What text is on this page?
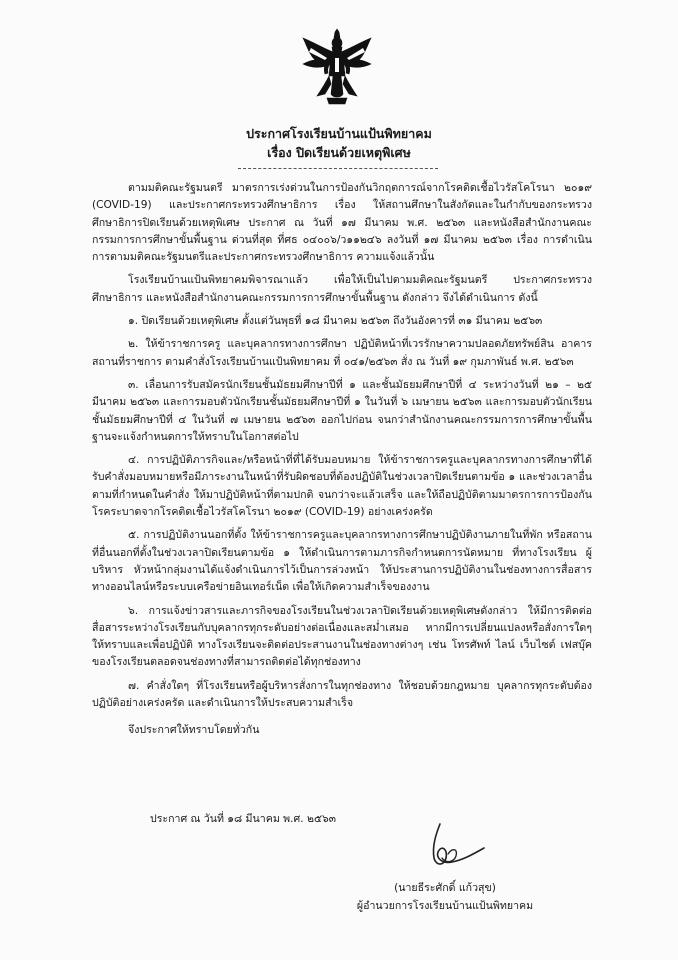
ประกาศโรงเรียนบ้านแป้นพิทยาคม
เรื่อง ปิดเรียนด้วยเหตุพิเศษ

ตามมติคณะรัฐมนตรี มาตรการเร่งด่วนในการป้องกันวิกฤตการณ์จากโรคติดเชื้อไวรัสโคโรนา ๒๐๑๙ (COVID-19) และประกาศกระทรวงศึกษาธิการ เรื่อง ให้สถานศึกษาในสังกัดและในกำกับของกระทรวงศึกษาธิการปิดเรียนด้วยเหตุพิเศษ ประกาศ ณ วันที่ ๑๗ มีนาคม พ.ศ. ๒๕๖๓ และหนังสือสำนักงานคณะกรรมการการศึกษาขั้นพื้นฐาน ด่วนที่สุด ที่ศธ ๐๔๐๐๖/ว๑๑๒๔๖ ลงวันที่ ๑๗ มีนาคม ๒๕๖๓ เรื่อง การดำเนินการตามมติคณะรัฐมนตรีและประกาศกระทรวงศึกษาธิการ ความแจ้งแล้วนั้น

โรงเรียนบ้านแป้นพิทยาคมพิจารณาแล้ว เพื่อให้เป็นไปตามมติคณะรัฐมนตรี ประกาศกระทรวงศึกษาธิการ และหนังสือสำนักงานคณะกรรมการการศึกษาขั้นพื้นฐาน ดังกล่าว จึงได้ดำเนินการ ดังนี้

๑. ปิดเรียนด้วยเหตุพิเศษ ตั้งแต่วันพุธที่ ๑๘ มีนาคม ๒๕๖๓ ถึงวันอังคารที่ ๓๑ มีนาคม ๒๕๖๓

๒. ให้ข้าราชการครู และบุคลากรทางการศึกษา ปฏิบัติหน้าที่เวรรักษาความปลอดภัยทรัพย์สิน อาคารสถานที่ราชการ ตามคำสั่งโรงเรียนบ้านแป้นพิทยาคม ที่ ๐๔๑/๒๕๖๓ สั่ง ณ วันที่ ๑๙ กุมภาพันธ์ พ.ศ. ๒๕๖๓

๓. เลื่อนการรับสมัครนักเรียนชั้นมัธยมศึกษาปีที่ ๑ และชั้นมัธยมศึกษาปีที่ ๔ ระหว่างวันที่ ๒๑ – ๒๕ มีนาคม ๒๕๖๓ และการมอบตัวนักเรียนชั้นมัธยมศึกษาปีที่ ๑ ในวันที่ ๖ เมษายน ๒๕๖๓ และการมอบตัวนักเรียนชั้นมัธยมศึกษาปีที่ ๔ ในวันที่ ๗ เมษายน ๒๕๖๓ ออกไปก่อน จนกว่าสำนักงานคณะกรรมการการศึกษาขั้นพื้นฐานจะแจ้งกำหนดการให้ทราบในโอกาสต่อไป

๔. การปฏิบัติภารกิจและ/หรือหน้าที่ที่ได้รับมอบหมาย ให้ข้าราชการครูและบุคลากรทางการศึกษาที่ได้รับคำสั่งมอบหมายหรือมีภาระงานในหน้าที่รับผิดชอบที่ต้องปฏิบัติในช่วงเวลาปิดเรียนตามข้อ ๑ และช่วงเวลาอื่นตามที่กำหนดในคำสั่ง ให้มาปฏิบัติหน้าที่ตามปกติ จนกว่าจะแล้วเสร็จ และให้ถือปฏิบัติตามมาตรการการป้องกันโรคระบาดจากโรคติดเชื้อไวรัสโคโรนา ๒๐๑๙ (COVID-19) อย่างเคร่งครัด

๕. การปฏิบัติงานนอกที่ตั้ง ให้ข้าราชการครูและบุคลากรทางการศึกษาปฏิบัติงานภายในที่พัก หรือสถานที่อื่นนอกที่ตั้งในช่วงเวลาปิดเรียนตามข้อ ๑ ให้ดำเนินการตามภารกิจกำหนดการนัดหมาย ที่ทางโรงเรียน ผู้บริหาร หัวหน้ากลุ่มงานได้แจ้งดำเนินการไว้เป็นการล่วงหน้า ให้ประสานการปฏิบัติงานในช่องทางการสื่อสารทางออนไลน์หรือระบบเครือข่ายอินเทอร์เน็ต เพื่อให้เกิดความสำเร็จของงาน

๖. การแจ้งข่าวสารและภารกิจของโรงเรียนในช่วงเวลาปิดเรียนด้วยเหตุพิเศษดังกล่าว ให้มีการติดต่อสื่อสารระหว่างโรงเรียนกับบุคลากรทุกระดับอย่างต่อเนื่องและสม่ำเสมอ หากมีการเปลี่ยนแปลงหรือสั่งการใดๆ ให้ทราบและเพื่อปฏิบัติ ทางโรงเรียนจะติดต่อประสานงานในช่องทางต่างๆ เช่น โทรศัพท์ ไลน์ เว็บไซต์ เฟสบุ๊ค ของโรงเรียนตลอดจนช่องทางที่สามารถติดต่อได้ทุกช่องทาง

๗. คำสั่งใดๆ ที่โรงเรียนหรือผู้บริหารสั่งการในทุกช่องทาง ให้ชอบด้วยกฎหมาย บุคลากรทุกระดับต้องปฏิบัติอย่างเคร่งครัด และดำเนินการให้ประสบความสำเร็จ

จึงประกาศให้ทราบโดยทั่วกัน

ประกาศ ณ วันที่ ๑๘ มีนาคม พ.ศ. ๒๕๖๓
(นายธีระศักดิ์ แก้วสุข)
ผู้อำนวยการโรงเรียนบ้านแป้นพิทยาคม
